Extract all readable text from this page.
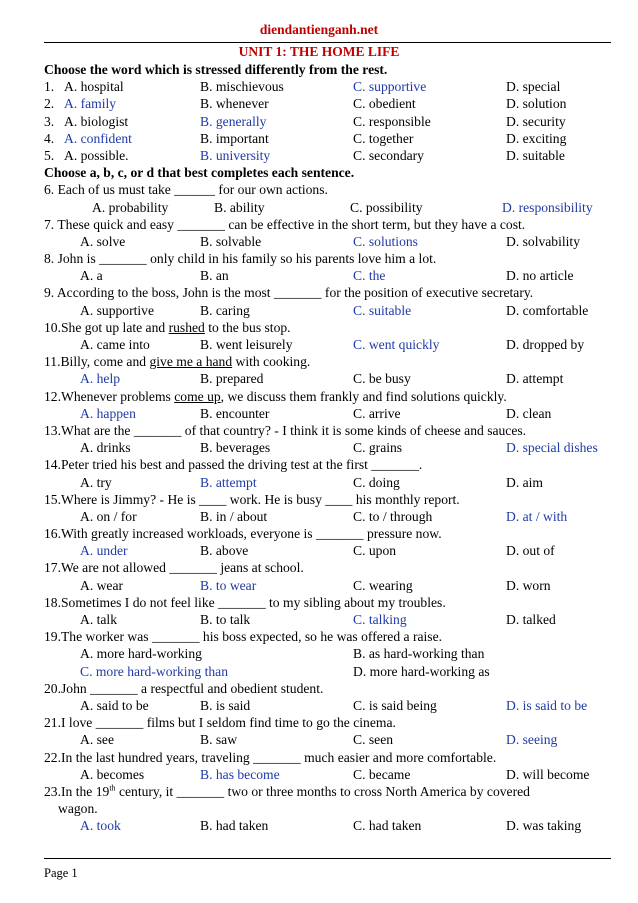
diendantienganh.net
UNIT 1: THE HOME LIFE
Choose the word which is stressed differently from the rest.
1. A. hospital	B. mischievous	C. supportive	D. special
2. A. family	B. whenever	C. obedient	D. solution
3. A. biologist	B. generally	C. responsible	D. security
4. A. confident	B. important	C. together	D. exciting
5. A. possible.	B. university	C. secondary	D. suitable
Choose a, b, c, or d that best completes each sentence.
6. Each of us must take ______ for our own actions.
A. probability	B. ability	C. possibility	D. responsibility
7. These quick and easy _______ can be effective in the short term, but they have a cost.
A. solve	B. solvable	C. solutions	D. solvability
8. John is _______ only child in his family so his parents love him a lot.
A. a	B. an	C. the	D. no article
9. According to the boss, John is the most _______ for the position of executive secretary.
A. supportive	B. caring	C. suitable	D. comfortable
10.She got up late and rushed to the bus stop.
A. came into	B. went leisurely	C. went quickly	D. dropped by
11.Billy, come and give me a hand with cooking.
A. help	B. prepared	C. be busy	D. attempt
12.Whenever problems come up, we discuss them frankly and find solutions quickly.
A. happen	B. encounter	C. arrive	D. clean
13.What are the _______ of that country? - I think it is some kinds of cheese and sauces.
A. drinks	B. beverages	C. grains	D. special dishes
14.Peter tried his best and passed the driving test at the first _______.
A. try	B. attempt	C. doing	D. aim
15.Where is Jimmy? - He is ____ work. He is busy ____ his monthly report.
A. on / for	B. in / about	C. to / through	D. at / with
16.With greatly increased workloads, everyone is _______ pressure now.
A. under	B. above	C. upon	D. out of
17.We are not allowed _______ jeans at school.
A. wear	B. to wear	C. wearing	D. worn
18.Sometimes I do not feel like _______ to my sibling about my troubles.
A. talk	B. to talk	C. talking	D. talked
19.The worker was _______ his boss expected, so he was offered a raise.
A. more hard-working	B. as hard-working than
C. more hard-working than	D. more hard-working as
20.John _______ a respectful and obedient student.
A. said to be	B. is said	C. is said being	D. is said to be
21.I love _______ films but I seldom find time to go the cinema.
A. see	B. saw	C. seen	D. seeing
22.In the last hundred years, traveling _______ much easier and more comfortable.
A. becomes	B. has become	C. became	D. will become
23.In the 19th century, it _______ two or three months to cross North America by covered
wagon.
A. took	B. had taken	C. had taken	D. was taking
Page 1
